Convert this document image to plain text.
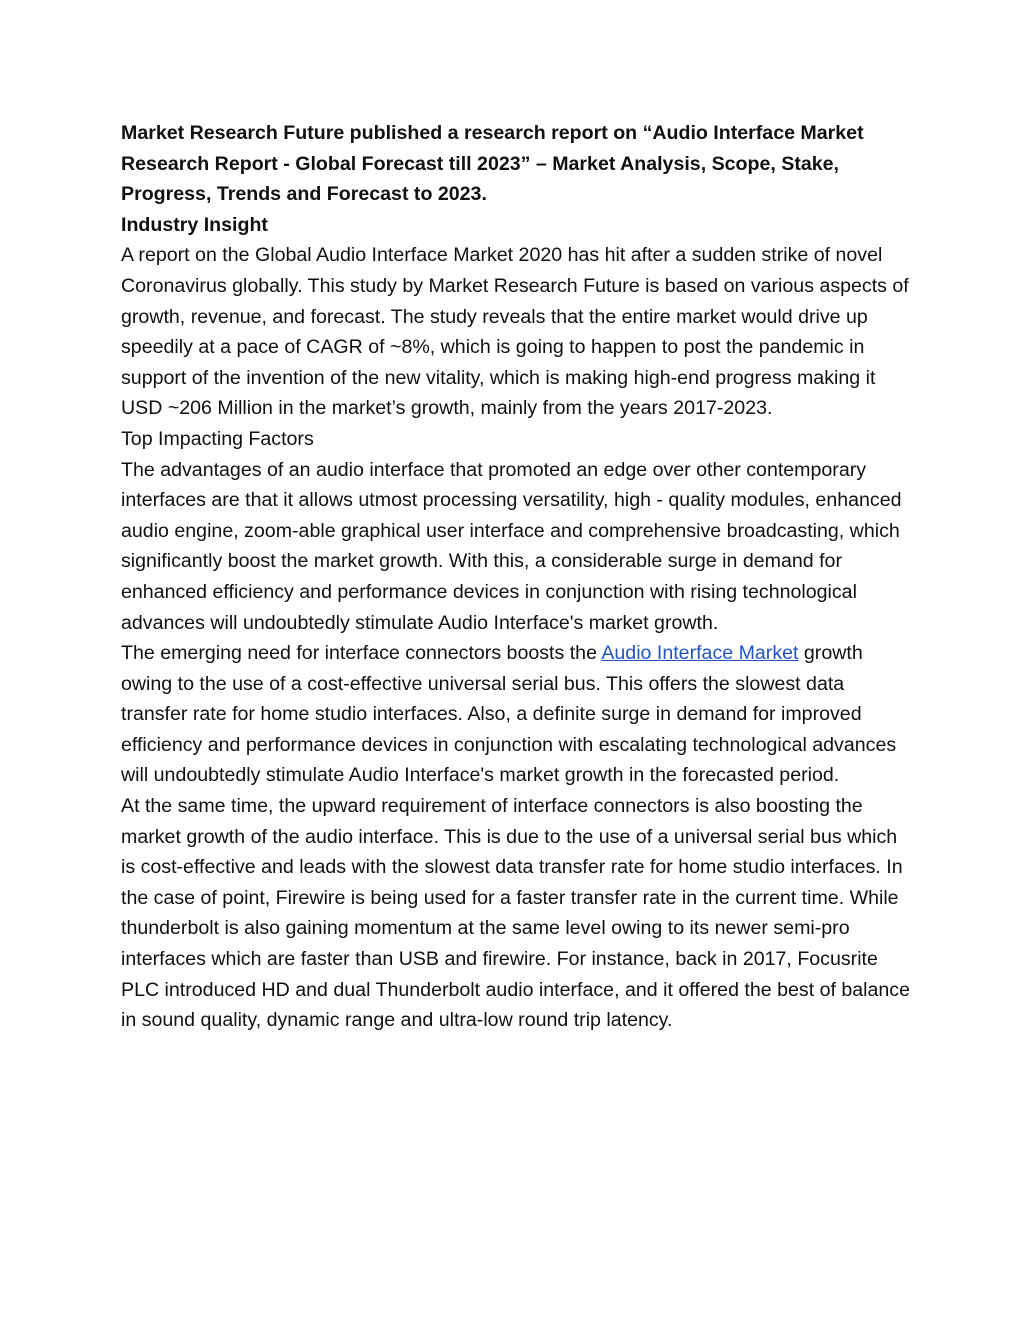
Market Research Future published a research report on “Audio Interface Market Research Report - Global Forecast till 2023” – Market Analysis, Scope, Stake, Progress, Trends and Forecast to 2023.

Industry Insight

A report on the Global Audio Interface Market 2020 has hit after a sudden strike of novel Coronavirus globally. This study by Market Research Future is based on various aspects of growth, revenue, and forecast. The study reveals that the entire market would drive up speedily at a pace of CAGR of ~8%, which is going to happen to post the pandemic in support of the invention of the new vitality, which is making high-end progress making it USD ~206 Million in the market’s growth, mainly from the years 2017-2023.

Top Impacting Factors

The advantages of an audio interface that promoted an edge over other contemporary interfaces are that it allows utmost processing versatility, high - quality modules, enhanced audio engine, zoom-able graphical user interface and comprehensive broadcasting, which significantly boost the market growth. With this, a considerable surge in demand for enhanced efficiency and performance devices in conjunction with rising technological advances will undoubtedly stimulate Audio Interface's market growth.

The emerging need for interface connectors boosts the Audio Interface Market growth owing to the use of a cost-effective universal serial bus. This offers the slowest data transfer rate for home studio interfaces. Also, a definite surge in demand for improved efficiency and performance devices in conjunction with escalating technological advances will undoubtedly stimulate Audio Interface's market growth in the forecasted period.

At the same time, the upward requirement of interface connectors is also boosting the market growth of the audio interface. This is due to the use of a universal serial bus which is cost-effective and leads with the slowest data transfer rate for home studio interfaces. In the case of point, Firewire is being used for a faster transfer rate in the current time. While thunderbolt is also gaining momentum at the same level owing to its newer semi-pro interfaces which are faster than USB and firewire. For instance, back in 2017, Focusrite PLC introduced HD and dual Thunderbolt audio interface, and it offered the best of balance in sound quality, dynamic range and ultra-low round trip latency.
